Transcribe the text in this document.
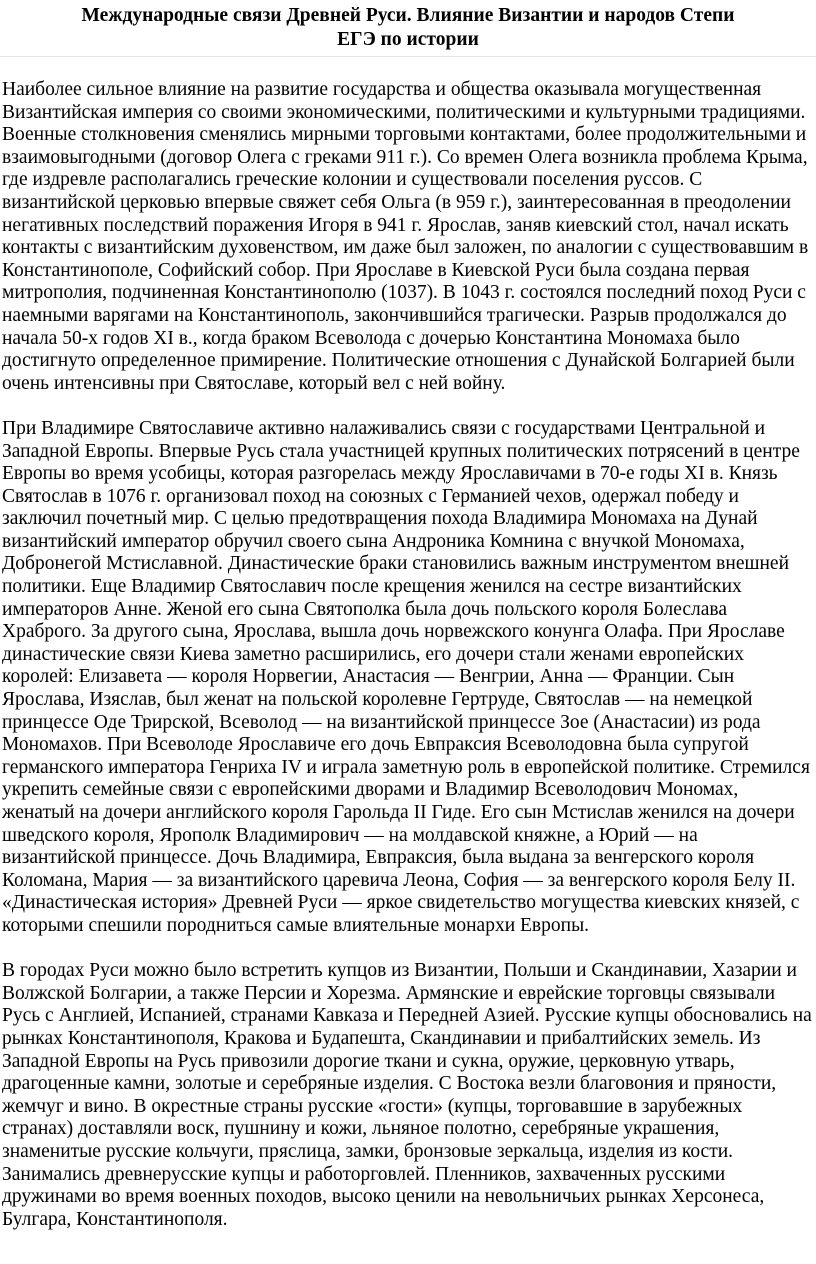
Международные связи Древней Руси. Влияние Византии и народов Степи
ЕГЭ по истории

Наиболее сильное влияние на развитие государства и общества оказывала могущественная Византийская империя со своими экономическими, политическими и культурными традициями. Военные столкновения сменялись мирными торговыми контактами, более продолжительными и взаимовыгодными (договор Олега с греками 911 г.). Со времен Олега возникла проблема Крыма, где издревле располагались греческие колонии и существовали поселения руссов. С византийской церковью впервые свяжет себя Ольга (в 959 г.), заинтересованная в преодолении негативных последствий поражения Игоря в 941 г. Ярослав, заняв киевский стол, начал искать контакты с византийским духовенством, им даже был заложен, по аналогии с существовавшим в Константинополе, Софийский собор. При Ярославе в Киевской Руси была создана первая митрополия, подчиненная Константинополю (1037). В 1043 г. состоялся последний поход Руси с наемными варягами на Константинополь, закончившийся трагически. Разрыв продолжался до начала 50-х годов XI в., когда браком Всеволода с дочерью Константина Мономаха было достигнуто определенное примирение. Политические отношения с Дунайской Болгарией были очень интенсивны при Святославе, который вел с ней войну.

При Владимире Святославиче активно налаживались связи с государствами Центральной и Западной Европы. Впервые Русь стала участницей крупных политических потрясений в центре Европы во время усобицы, которая разгорелась между Ярославичами в 70-е годы XI в. Князь Святослав в 1076 г. организовал поход на союзных с Германией чехов, одержал победу и заключил почетный мир. С целью предотвращения похода Владимира Мономаха на Дунай византийский император обручил своего сына Андроника Комнина с внучкой Мономаха, Добронегой Мстиславной. Династические браки становились важным инструментом внешней политики. Еще Владимир Святославич после крещения женился на сестре византийских императоров Анне. Женой его сына Святополка была дочь польского короля Болеслава Храброго. За другого сына, Ярослава, вышла дочь норвежского конунга Олафа. При Ярославе династические связи Киева заметно расширились, его дочери стали женами европейских королей: Елизавета — короля Норвегии, Анастасия — Венгрии, Анна — Франции. Сын Ярослава, Изяслав, был женат на польской королевне Гертруде, Святослав — на немецкой принцессе Оде Трирской, Всеволод — на византийской принцессе Зое (Анастасии) из рода Мономахов. При Всеволоде Ярославиче его дочь Евпраксия Всеволодовна была супругой германского императора Генриха IV и играла заметную роль в европейской политике. Стремился укрепить семейные связи с европейскими дворами и Владимир Всеволодович Мономах, женатый на дочери английского короля Гарольда II Гиде. Его сын Мстислав женился на дочери шведского короля, Ярополк Владимирович — на молдавской княжне, а Юрий — на византийской принцессе. Дочь Владимира, Евпраксия, была выдана за венгерского короля Коломана, Мария — за византийского царевича Леона, София — за венгерского короля Белу II. «Династическая история» Древней Руси — яркое свидетельство могущества киевских князей, с которыми спешили породниться самые влиятельные монархи Европы.

В городах Руси можно было встретить купцов из Византии, Польши и Скандинавии, Хазарии и Волжской Болгарии, а также Персии и Хорезма. Армянские и еврейские торговцы связывали Русь с Англией, Испанией, странами Кавказа и Передней Азией. Русские купцы обосновались на рынках Константинополя, Кракова и Будапешта, Скандинавии и прибалтийских земель. Из Западной Европы на Русь привозили дорогие ткани и сукна, оружие, церковную утварь, драгоценные камни, золотые и серебряные изделия. С Востока везли благовония и пряности, жемчуг и вино. В окрестные страны русские «гости» (купцы, торговавшие в зарубежных странах) доставляли воск, пушнину и кожи, льняное полотно, серебряные украшения, знаменитые русские кольчуги, пряслица, замки, бронзовые зеркальца, изделия из кости. Занимались древнерусские купцы и работорговлей. Пленников, захваченных русскими дружинами во время военных походов, высоко ценили на невольничьих рынках Херсонеса, Булгара, Константинополя.
